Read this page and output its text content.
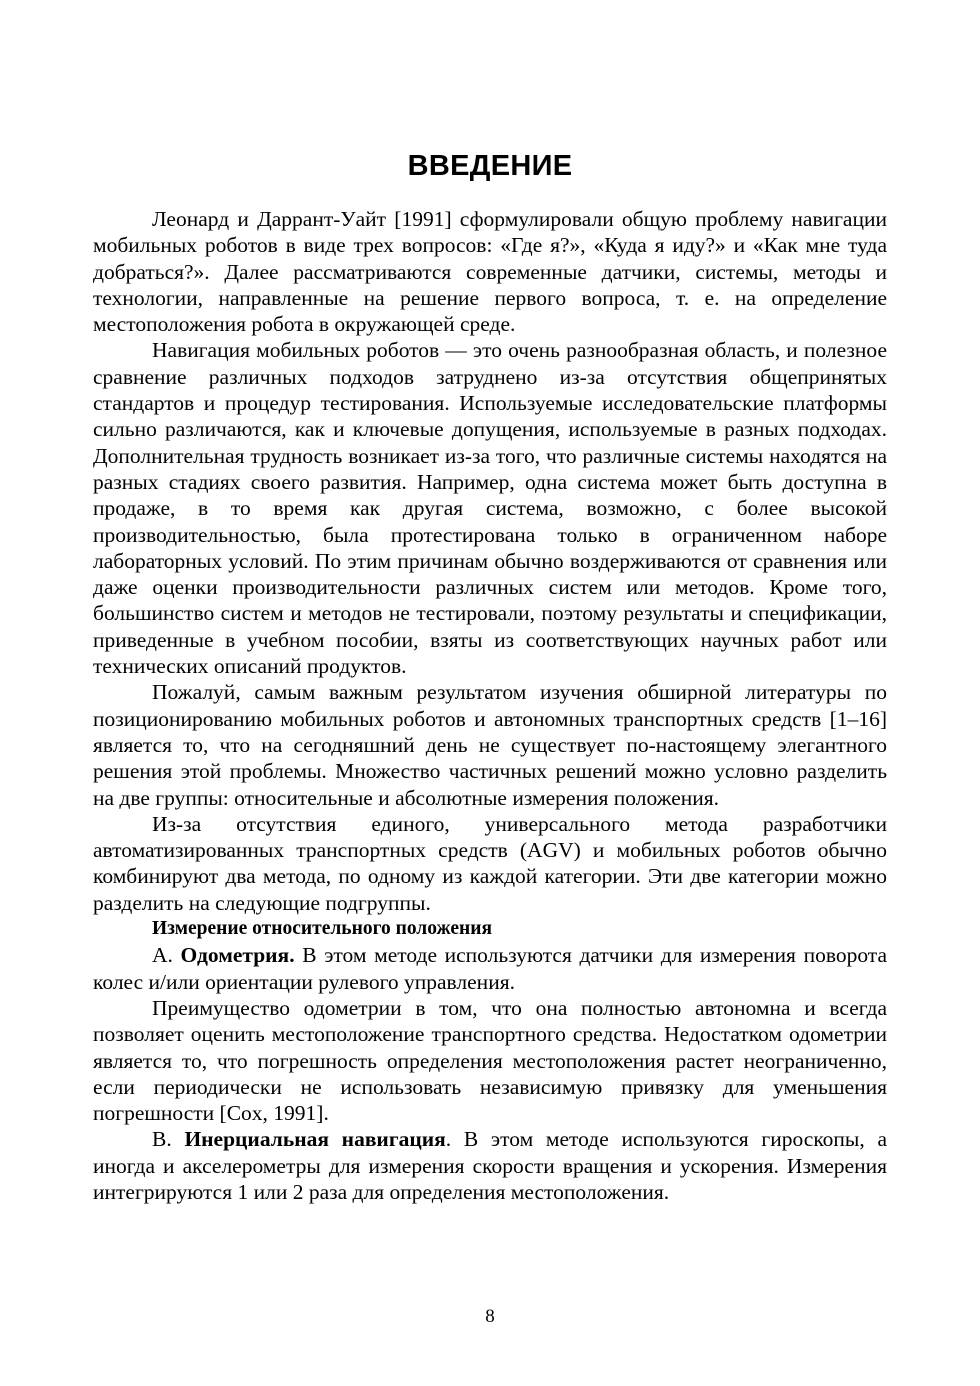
ВВЕДЕНИЕ

Леонард и Даррант-Уайт [1991] сформулировали общую проблему навигации мобильных роботов в виде трех вопросов: «Где я?», «Куда я иду?» и «Как мне туда добраться?». Далее рассматриваются современные датчики, системы, методы и технологии, направленные на решение первого вопроса, т. е. на определение местоположения робота в окружающей среде.

Навигация мобильных роботов — это очень разнообразная область, и полезное сравнение различных подходов затруднено из-за отсутствия общепринятых стандартов и процедур тестирования. Используемые исследовательские платформы сильно различаются, как и ключевые допущения, используемые в разных подходах. Дополнительная трудность возникает из-за того, что различные системы находятся на разных стадиях своего развития. Например, одна система может быть доступна в продаже, в то время как другая система, возможно, с более высокой производительностью, была протестирована только в ограниченном наборе лабораторных условий. По этим причинам обычно воздерживаются от сравнения или даже оценки производительности различных систем или методов. Кроме того, большинство систем и методов не тестировали, поэтому результаты и спецификации, приведенные в учебном пособии, взяты из соответствующих научных работ или технических описаний продуктов.

Пожалуй, самым важным результатом изучения обширной литературы по позиционированию мобильных роботов и автономных транспортных средств [1–16] является то, что на сегодняшний день не существует по-настоящему элегантного решения этой проблемы. Множество частичных решений можно условно разделить на две группы: относительные и абсолютные измерения положения.

Из-за отсутствия единого, универсального метода разработчики автоматизированных транспортных средств (AGV) и мобильных роботов обычно комбинируют два метода, по одному из каждой категории. Эти две категории можно разделить на следующие подгруппы.

Измерение относительного положения

А. Одометрия. В этом методе используются датчики для измерения поворота колес и/или ориентации рулевого управления.

Преимущество одометрии в том, что она полностью автономна и всегда позволяет оценить местоположение транспортного средства. Недостатком одометрии является то, что погрешность определения местоположения растет неограниченно, если периодически не использовать независимую привязку для уменьшения погрешности [Cox, 1991].

В. Инерциальная навигация. В этом методе используются гироскопы, а иногда и акселерометры для измерения скорости вращения и ускорения. Измерения интегрируются 1 или 2 раза для определения местоположения.

8
